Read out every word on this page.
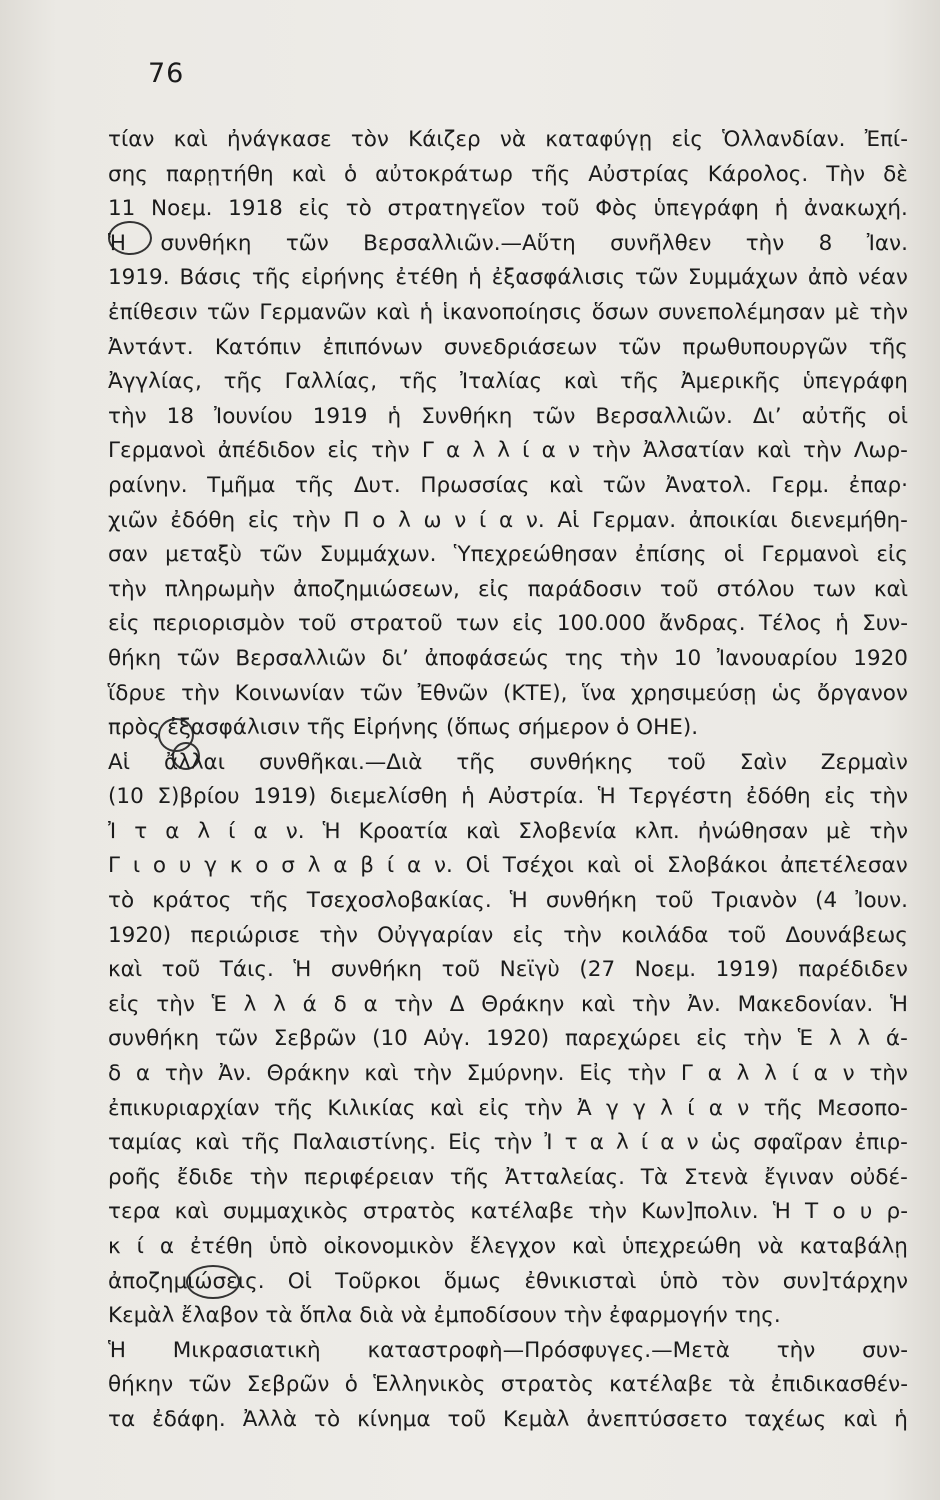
76
τίαν καὶ ἠνάγκασε τὸν Κάιζερ νὰ καταφύγῃ εἰς Ὁλλανδίαν. Ἐπί-
σης παρῃτήθη καὶ ὁ αὐτοκράτωρ τῆς Αὐστρίας Κάρολος. Τὴν δὲ
11 Νοεμ. 1918 εἰς τὸ στρατηγεῖον τοῦ Φὸς ὑπεγράφη ἡ ἀνακωχή.
Ἡ συνθήκη τῶν Βερσαλλιῶν.—Αὕτη συνῆλθεν τὴν 8 Ἰαν.
1919. Βάσις τῆς εἰρήνης ἐτέθη ἡ ἐξασφάλισις τῶν Συμμάχων ἀπὸ νέαν
ἐπίθεσιν τῶν Γερμανῶν καὶ ἡ ἱκανοποίησις ὅσων συνεπολέμησαν μὲ τὴν
Ἀντάντ. Κατόπιν ἐπιπόνων συνεδριάσεων τῶν πρωθυπουργῶν τῆς
Ἀγγλίας, τῆς Γαλλίας, τῆς Ἰταλίας καὶ τῆς Ἀμερικῆς ὑπεγράφη
τὴν 18 Ἰουνίου 1919 ἡ Συνθήκη τῶν Βερσαλλιῶν. Δι’ αὐτῆς οἱ
Γερμανοὶ ἀπέδιδον εἰς τὴν Γ α λ λ ί α ν τὴν Ἀλσατίαν καὶ τὴν Λωρ-
ραίνην. Τμῆμα τῆς Δυτ. Πρωσσίας καὶ τῶν Ἀνατολ. Γερμ. ἐπαρ·
χιῶν ἐδόθη εἰς τὴν Π ο λ ω ν ί α ν. Αἱ Γερμαν. ἀποικίαι διενεμήθη-
σαν μεταξὺ τῶν Συμμάχων. Ὑπεχρεώθησαν ἐπίσης οἱ Γερμανοὶ εἰς
τὴν πληρωμὴν ἀποζημιώσεων, εἰς παράδοσιν τοῦ στόλου των καὶ
εἰς περιορισμὸν τοῦ στρατοῦ των εἰς 100.000 ἄνδρας. Τέλος ἡ Συν-
θήκη τῶν Βερσαλλιῶν δι’ ἀποφάσεώς της τὴν 10 Ἰανουαρίου 1920
ἵδρυε τὴν Κοινωνίαν τῶν Ἐθνῶν (ΚΤΕ), ἵνα χρησιμεύσῃ ὡς ὄργανον
πρὸς ἐξασφάλισιν τῆς Εἰρήνης (ὅπως σήμερον ὁ ΟΗΕ).
Αἱ ἄλλαι συνθῆκαι.—Διὰ τῆς συνθήκης τοῦ Σαὶν Ζερμαὶν
(10 Σ)βρίου 1919) διεμελίσθη ἡ Αὐστρία. Ἡ Τεργέστη ἐδόθη εἰς τὴν
Ἰ τ α λ ί α ν. Ἡ Κροατία καὶ Σλοβενία κλπ. ἠνώθησαν μὲ τὴν
Γ ι ο υ γ κ ο σ λ α β ί α ν. Οἱ Τσέχοι καὶ οἱ Σλοβάκοι ἀπετέλεσαν
τὸ κράτος τῆς Τσεχοσλοβακίας. Ἡ συνθήκη τοῦ Τριανὸν (4 Ἰουν.
1920) περιώρισε τὴν Οὐγγαρίαν εἰς τὴν κοιλάδα τοῦ Δουνάβεως
καὶ τοῦ Τάις. Ἡ συνθήκη τοῦ Νεϊγὺ (27 Νοεμ. 1919) παρέδιδεν
εἰς τὴν Ἑ λ λ ά δ α τὴν Δ Θράκην καὶ τὴν Ἀν. Μακεδονίαν. Ἡ
συνθήκη τῶν Σεβρῶν (10 Αὐγ. 1920) παρεχώρει εἰς τὴν Ἑ λ λ ά-
δ α τὴν Ἀν. Θράκην καὶ τὴν Σμύρνην. Εἰς τὴν Γ α λ λ ί α ν τὴν
ἐπικυριαρχίαν τῆς Κιλικίας καὶ εἰς τὴν Ἀ γ γ λ ί α ν τῆς Μεσοπο-
ταμίας καὶ τῆς Παλαιστίνης. Εἰς τὴν Ἰ τ α λ ί α ν ὡς σφαῖραν ἐπιρ-
ροῆς ἔδιδε τὴν περιφέρειαν τῆς Ἀτταλείας. Τὰ Στενὰ ἔγιναν οὐδέ-
τερα καὶ συμμαχικὸς στρατὸς κατέλαβε τὴν Κων]πολιν. Ἡ Τ ο υ ρ-
κ ί α ἐτέθη ὑπὸ οἰκονομικὸν ἔλεγχον καὶ ὑπεχρεώθη νὰ καταβάλῃ
ἀποζημιώσεις. Οἱ Τοῦρκοι ὅμως ἐθνικισταὶ ὑπὸ τὸν συν]τάρχην
Κεμὰλ ἔλαβον τὰ ὅπλα διὰ νὰ ἐμποδίσουν τὴν ἐφαρμογήν της.
Ἡ Μικρασιατικὴ καταστροφὴ—Πρόσφυγες.—Μετὰ τὴν συν-
θήκην τῶν Σεβρῶν ὁ Ἑλληνικὸς στρατὸς κατέλαβε τὰ ἐπιδικασθέν-
τα ἐδάφη. Ἀλλὰ τὸ κίνημα τοῦ Κεμὰλ ἀνεπτύσσετο ταχέως καὶ ἡ
